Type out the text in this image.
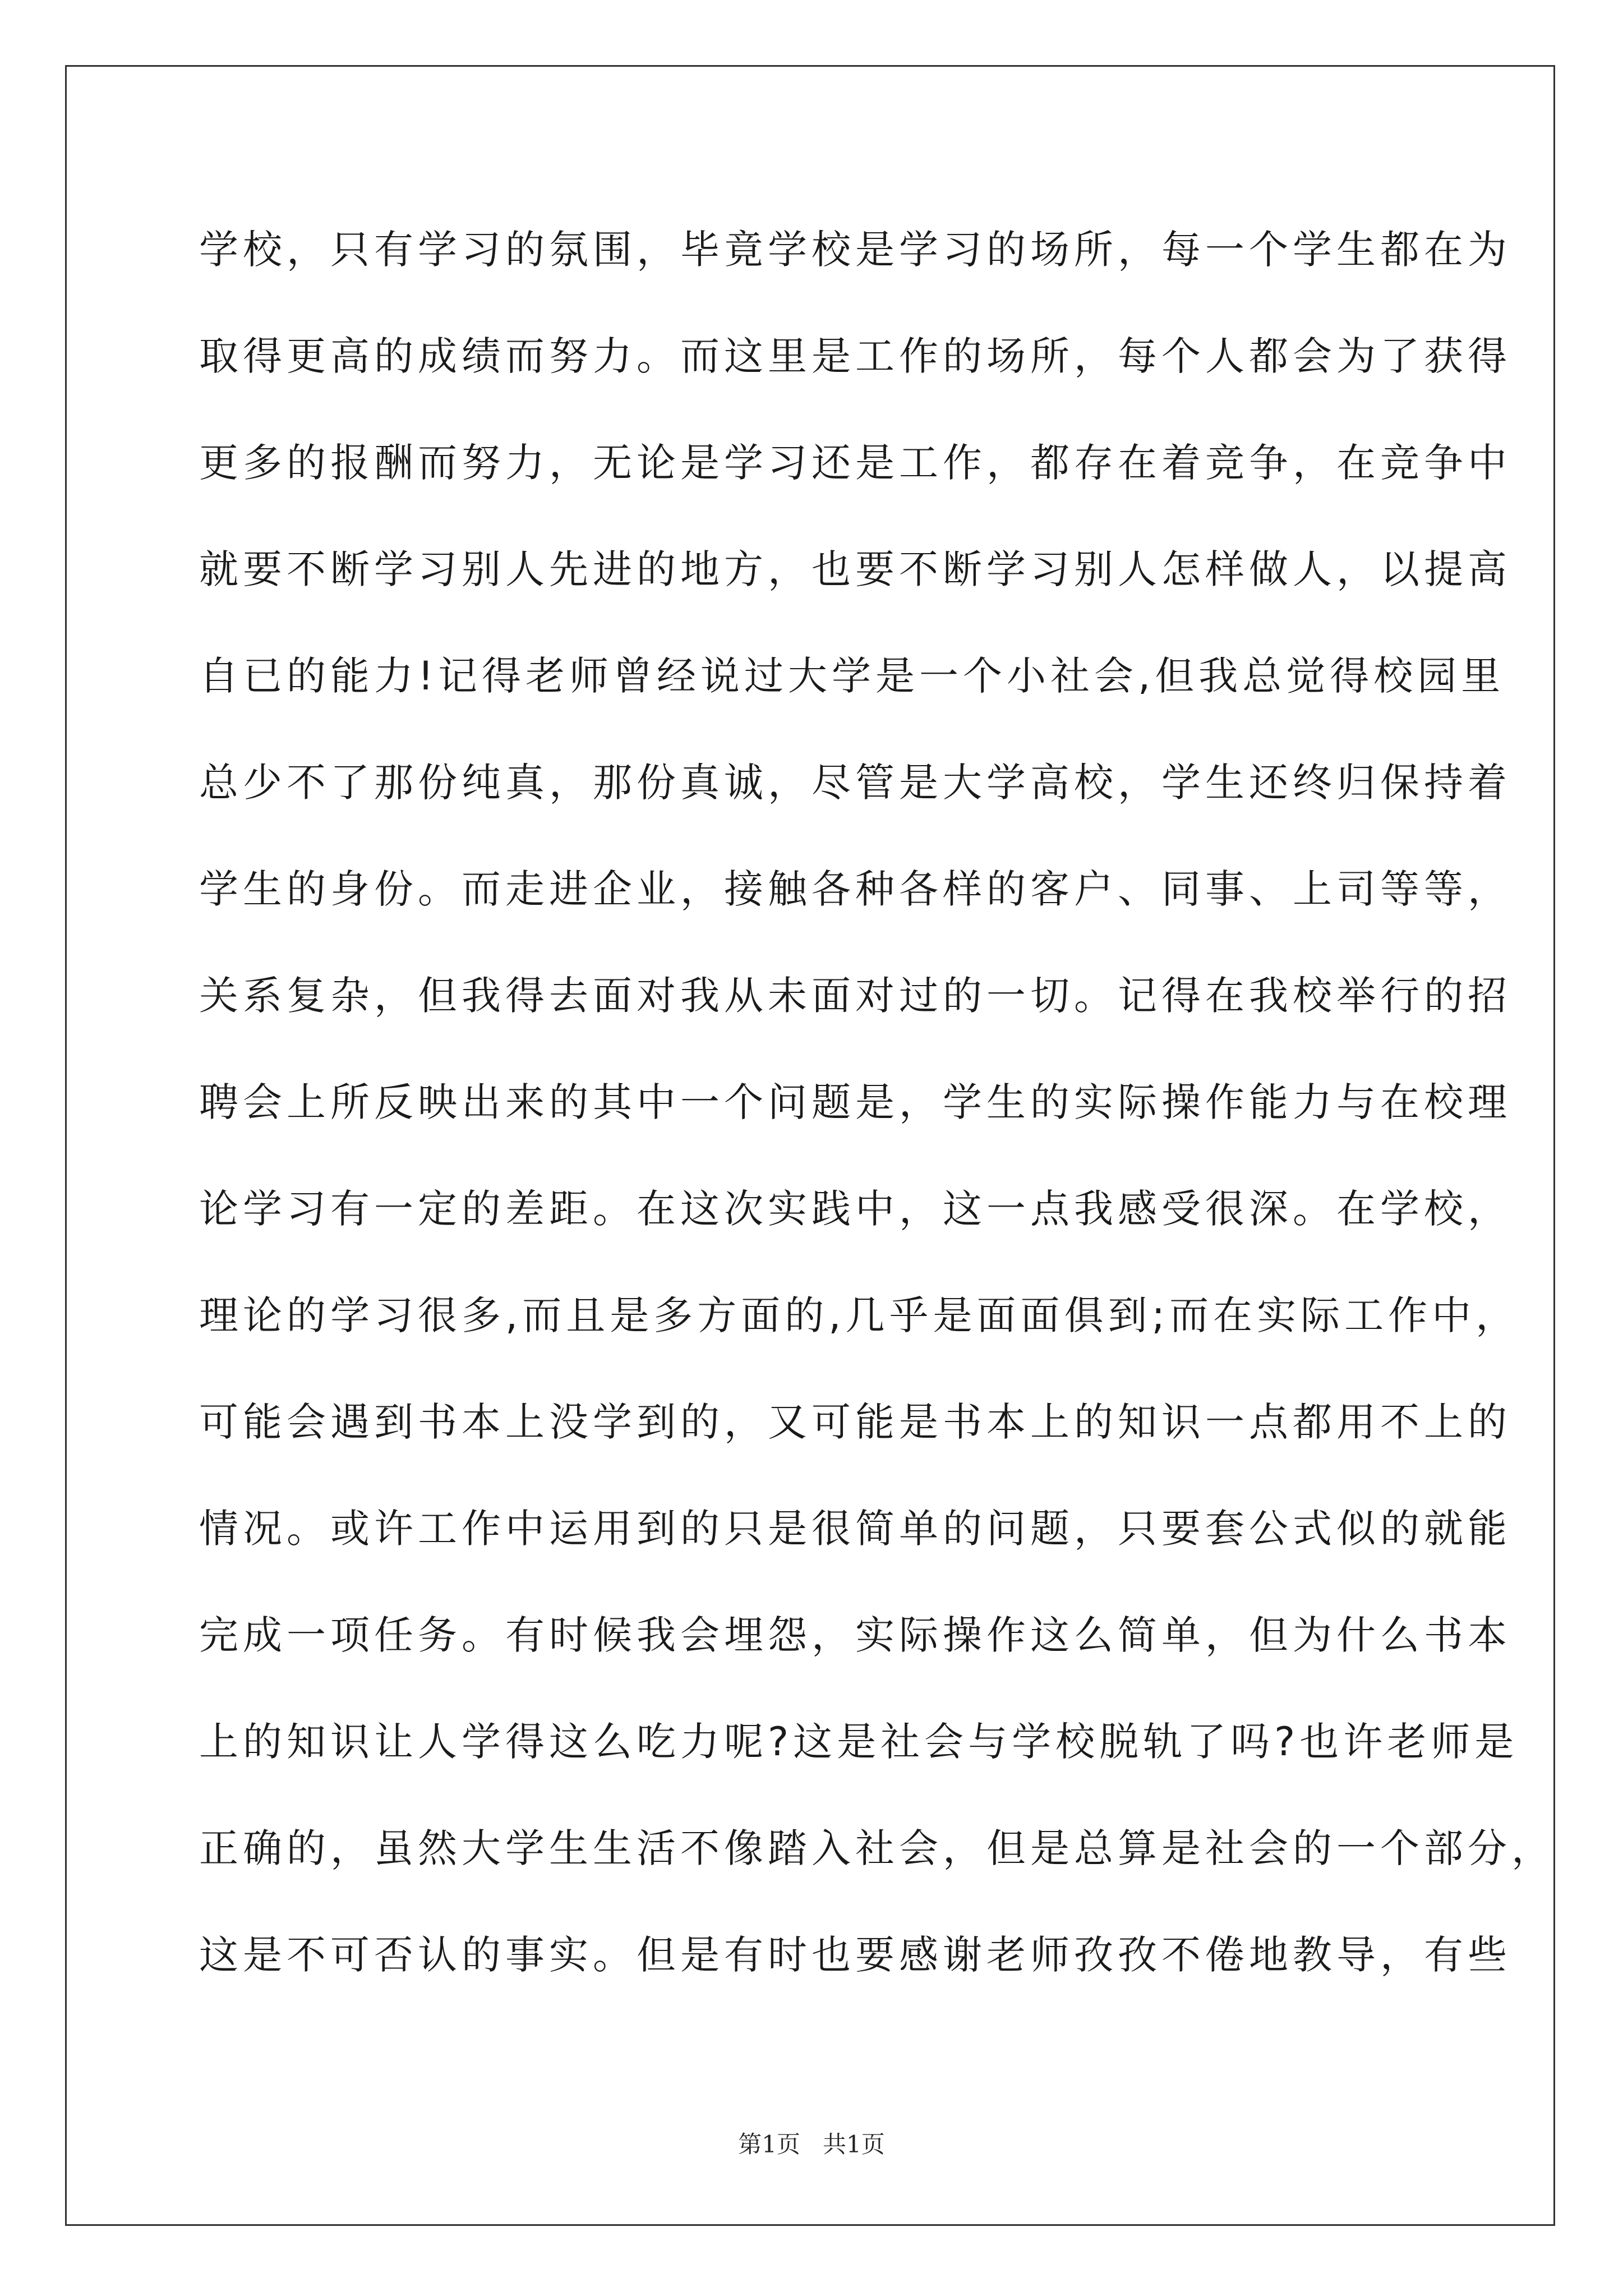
学校，只有学习的氛围，毕竟学校是学习的场所，每一个学生都在为
取得更高的成绩而努力。而这里是工作的场所，每个人都会为了获得
更多的报酬而努力，无论是学习还是工作，都存在着竞争，在竞争中
就要不断学习别人先进的地方，也要不断学习别人怎样做人，以提高
自已的能力!记得老师曾经说过大学是一个小社会,但我总觉得校园里
总少不了那份纯真，那份真诚，尽管是大学高校，学生还终归保持着
学生的身份。而走进企业，接触各种各样的客户、同事、上司等等，
关系复杂，但我得去面对我从未面对过的一切。记得在我校举行的招
聘会上所反映出来的其中一个问题是，学生的实际操作能力与在校理
论学习有一定的差距。在这次实践中，这一点我感受很深。在学校，
理论的学习很多,而且是多方面的,几乎是面面俱到;而在实际工作中，
可能会遇到书本上没学到的，又可能是书本上的知识一点都用不上的
情况。或许工作中运用到的只是很简单的问题，只要套公式似的就能
完成一项任务。有时候我会埋怨，实际操作这么简单，但为什么书本
上的知识让人学得这么吃力呢?这是社会与学校脱轨了吗?也许老师是
正确的，虽然大学生生活不像踏入社会，但是总算是社会的一个部分，
这是不可否认的事实。但是有时也要感谢老师孜孜不倦地教导，有些
第1页   共1页
